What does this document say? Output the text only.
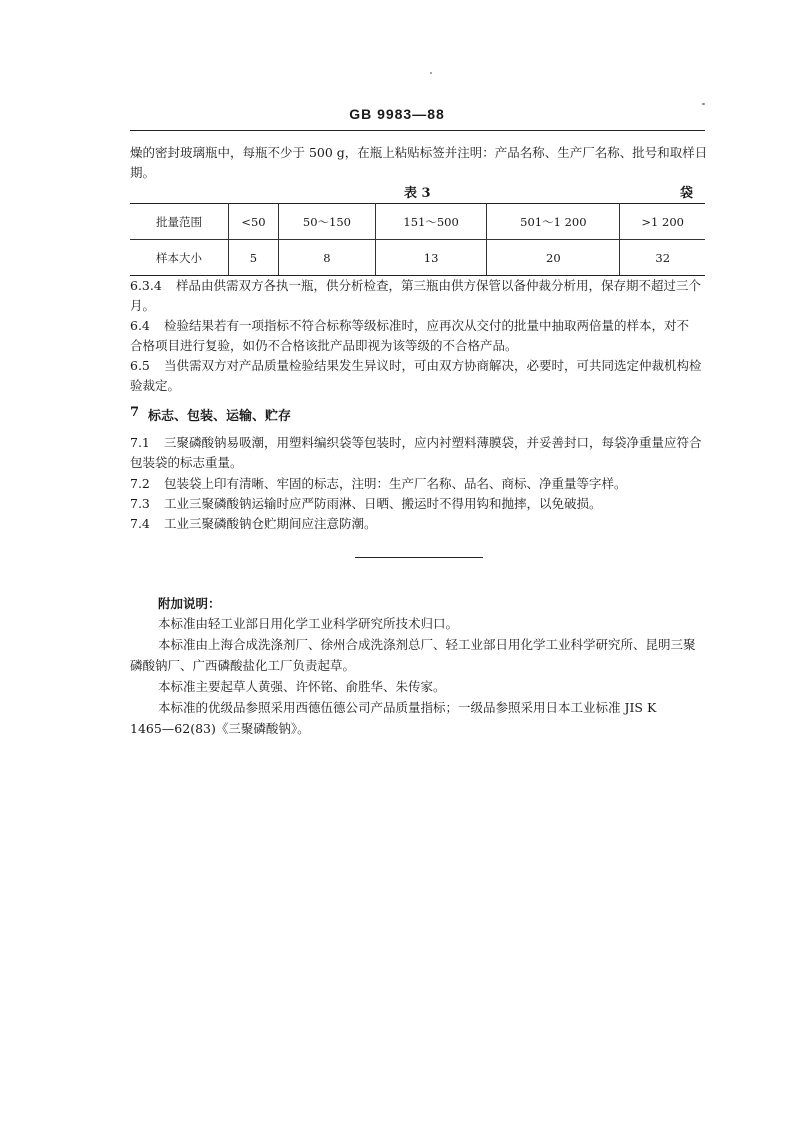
GB 9983—88
燥的密封玻璃瓶中，每瓶不少于 500 g，在瓶上粘贴标签并注明：产品名称、生产厂名称、批号和取样日
期。
表 3	袋
批量范围	<50	50～150	151～500	501～1 200	>1 200
样本大小	5	8	13	20	32
6.3.4 样品由供需双方各执一瓶，供分析检查，第三瓶由供方保管以备仲裁分析用，保存期不超过三个
月。
6.4 检验结果若有一项指标不符合标称等级标准时，应再次从交付的批量中抽取两倍量的样本，对不
合格项目进行复验，如仍不合格该批产品即视为该等级的不合格产品。
6.5 当供需双方对产品质量检验结果发生异议时，可由双方协商解决，必要时，可共同选定仲裁机构检
验裁定。
7 标志、包装、运输、贮存
7.1 三聚磷酸钠易吸潮，用塑料编织袋等包装时，应内衬塑料薄膜袋，并妥善封口，每袋净重量应符合
包装袋的标志重量。
7.2 包装袋上印有清晰、牢固的标志，注明：生产厂名称、品名、商标、净重量等字样。
7.3 工业三聚磷酸钠运输时应严防雨淋、日晒、搬运时不得用钩和抛摔，以免破损。
7.4 工业三聚磷酸钠仓贮期间应注意防潮。
附加说明：
本标准由轻工业部日用化学工业科学研究所技术归口。
本标准由上海合成洗涤剂厂、徐州合成洗涤剂总厂、轻工业部日用化学工业科学研究所、昆明三聚
磷酸钠厂、广西磷酸盐化工厂负责起草。
本标准主要起草人黄强、许怀铭、俞胜华、朱传家。
本标准的优级品参照采用西德伍德公司产品质量指标；一级品参照采用日本工业标准 JIS K
1465—62(83)《三聚磷酸钠》。
